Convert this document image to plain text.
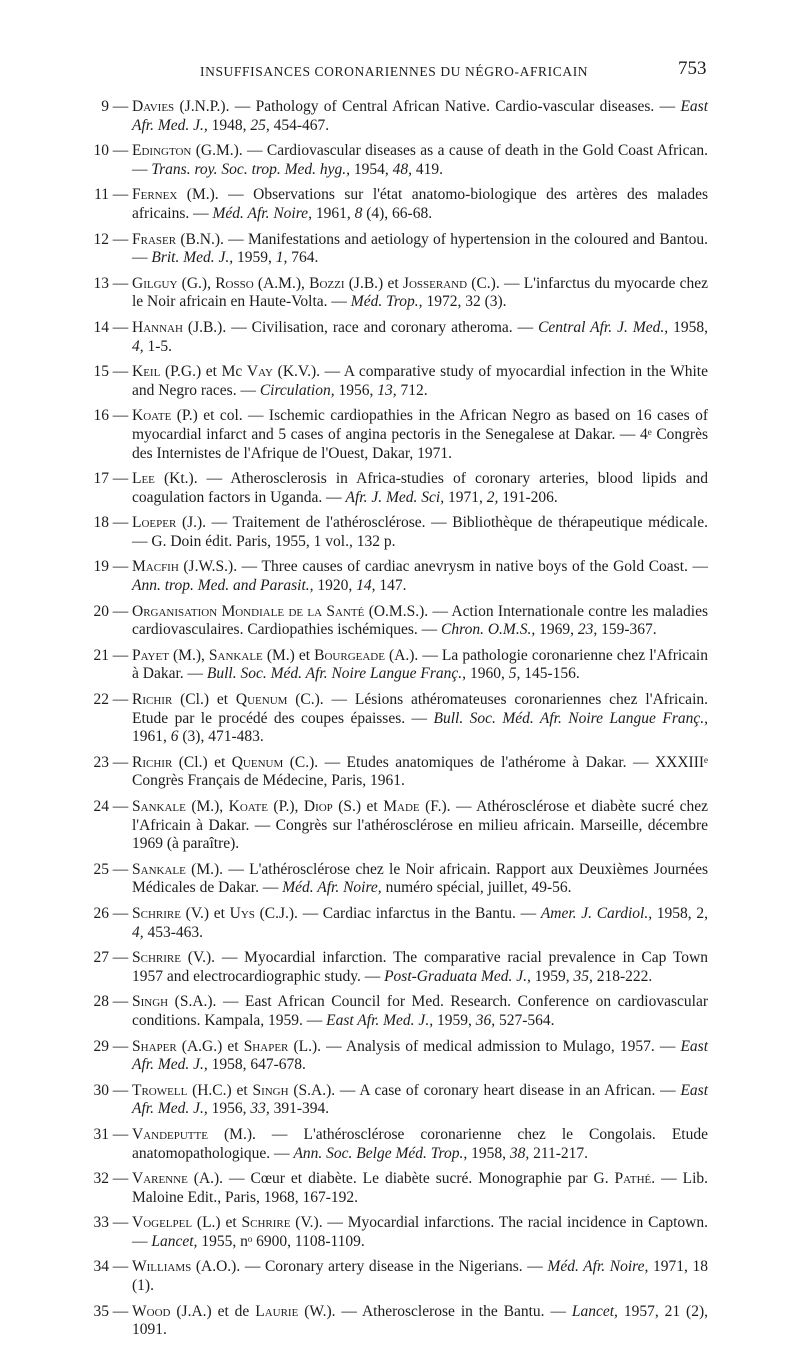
INSUFFISANCES CORONARIENNES DU NÉGRO-AFRICAIN	753
9 — Davies (J.N.P.). — Pathology of Central African Native. Cardio-vascular diseases. — East Afr. Med. J., 1948, 25, 454-467.
10 — Edington (G.M.). — Cardiovascular diseases as a cause of death in the Gold Coast African. — Trans. roy. Soc. trop. Med. hyg., 1954, 48, 419.
11 — Fernex (M.). — Observations sur l'état anatomo-biologique des artères des malades africains. — Méd. Afr. Noire, 1961, 8 (4), 66-68.
12 — Fraser (B.N.). — Manifestations and aetiology of hypertension in the coloured and Bantou. — Brit. Med. J., 1959, 1, 764.
13 — Gilguy (G.), Rosso (A.M.), Bozzi (J.B.) et Josserand (C.). — L'infarctus du myocarde chez le Noir africain en Haute-Volta. — Méd. Trop., 1972, 32 (3).
14 — Hannah (J.B.). — Civilisation, race and coronary atheroma. — Central Afr. J. Med., 1958, 4, 1-5.
15 — Keil (P.G.) et Mc Vay (K.V.). — A comparative study of myocardial infection in the White and Negro races. — Circulation, 1956, 13, 712.
16 — Koate (P.) et col. — Ischemic cardiopathies in the African Negro as based on 16 cases of myocardial infarct and 5 cases of angina pectoris in the Senegalese at Dakar. — 4ᵉ Congrès des Internistes de l'Afrique de l'Ouest, Dakar, 1971.
17 — Lee (Kt.). — Atherosclerosis in Africa-studies of coronary arteries, blood lipids and coagulation factors in Uganda. — Afr. J. Med. Sci, 1971, 2, 191-206.
18 — Loeper (J.). — Traitement de l'athérosclérose. — Bibliothèque de thérapeutique médicale. — G. Doin édit. Paris, 1955, 1 vol., 132 p.
19 — Macfih (J.W.S.). — Three causes of cardiac anevrysm in native boys of the Gold Coast. — Ann. trop. Med. and Parasit., 1920, 14, 147.
20 — Organisation Mondiale de la Santé (O.M.S.). — Action Internationale contre les maladies cardiovasculaires. Cardiopathies ischémiques. — Chron. O.M.S., 1969, 23, 159-367.
21 — Payet (M.), Sankale (M.) et Bourgeade (A.). — La pathologie coronarienne chez l'Africain à Dakar. — Bull. Soc. Méd. Afr. Noire Langue Franç., 1960, 5, 145-156.
22 — Richir (Cl.) et Quenum (C.). — Lésions athéromateuses coronariennes chez l'Africain. Etude par le procédé des coupes épaisses. — Bull. Soc. Méd. Afr. Noire Langue Franç., 1961, 6 (3), 471-483.
23 — Richir (Cl.) et Quenum (C.). — Etudes anatomiques de l'athérome à Dakar. — XXXIIIᵉ Congrès Français de Médecine, Paris, 1961.
24 — Sankale (M.), Koate (P.), Diop (S.) et Made (F.). — Athérosclérose et diabète sucré chez l'Africain à Dakar. — Congrès sur l'athérosclérose en milieu africain. Marseille, décembre 1969 (à paraître).
25 — Sankale (M.). — L'athérosclérose chez le Noir africain. Rapport aux Deuxièmes Journées Médicales de Dakar. — Méd. Afr. Noire, numéro spécial, juillet, 49-56.
26 — Schrire (V.) et Uys (C.J.). — Cardiac infarctus in the Bantu. — Amer. J. Cardiol., 1958, 2, 4, 453-463.
27 — Schrire (V.). — Myocardial infarction. The comparative racial prevalence in Cap Town 1957 and electrocardiographic study. — Post-Graduata Med. J., 1959, 35, 218-222.
28 — Singh (S.A.). — East African Council for Med. Research. Conference on cardiovascular conditions. Kampala, 1959. — East Afr. Med. J., 1959, 36, 527-564.
29 — Shaper (A.G.) et Shaper (L.). — Analysis of medical admission to Mulago, 1957. — East Afr. Med. J., 1958, 647-678.
30 — Trowell (H.C.) et Singh (S.A.). — A case of coronary heart disease in an African. — East Afr. Med. J., 1956, 33, 391-394.
31 — Vandeputte (M.). — L'athérosclérose coronarienne chez le Congolais. Etude anatomopathologique. — Ann. Soc. Belge Méd. Trop., 1958, 38, 211-217.
32 — Varenne (A.). — Cœur et diabète. Le diabète sucré. Monographie par G. Pathé. — Lib. Maloine Edit., Paris, 1968, 167-192.
33 — Vogelpel (L.) et Schrire (V.). — Myocardial infarctions. The racial incidence in Captown. — Lancet, 1955, nᵒ 6900, 1108-1109.
34 — Williams (A.O.). — Coronary artery disease in the Nigerians. — Méd. Afr. Noire, 1971, 18 (1).
35 — Wood (J.A.) et de Laurie (W.). — Atherosclerose in the Bantu. — Lancet, 1957, 21 (2), 1091.
